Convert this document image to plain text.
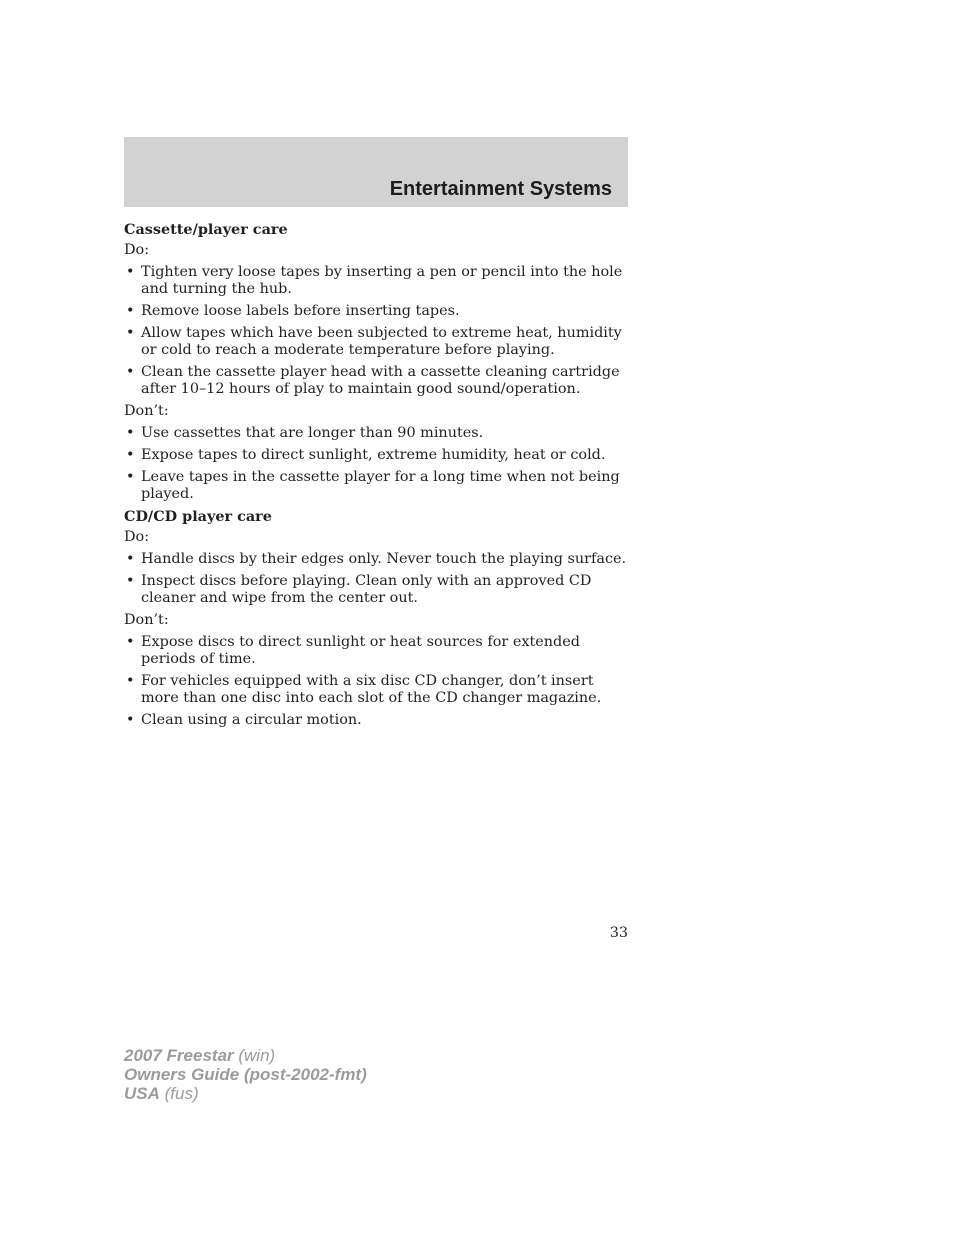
Entertainment Systems
Cassette/player care
Do:
• Tighten very loose tapes by inserting a pen or pencil into the hole and turning the hub.
• Remove loose labels before inserting tapes.
• Allow tapes which have been subjected to extreme heat, humidity or cold to reach a moderate temperature before playing.
• Clean the cassette player head with a cassette cleaning cartridge after 10–12 hours of play to maintain good sound/operation.
Don’t:
• Use cassettes that are longer than 90 minutes.
• Expose tapes to direct sunlight, extreme humidity, heat or cold.
• Leave tapes in the cassette player for a long time when not being played.
CD/CD player care
Do:
• Handle discs by their edges only. Never touch the playing surface.
• Inspect discs before playing. Clean only with an approved CD cleaner and wipe from the center out.
Don’t:
• Expose discs to direct sunlight or heat sources for extended periods of time.
• For vehicles equipped with a six disc CD changer, don’t insert more than one disc into each slot of the CD changer magazine.
• Clean using a circular motion.
33
2007 Freestar (win)
Owners Guide (post-2002-fmt)
USA (fus)
